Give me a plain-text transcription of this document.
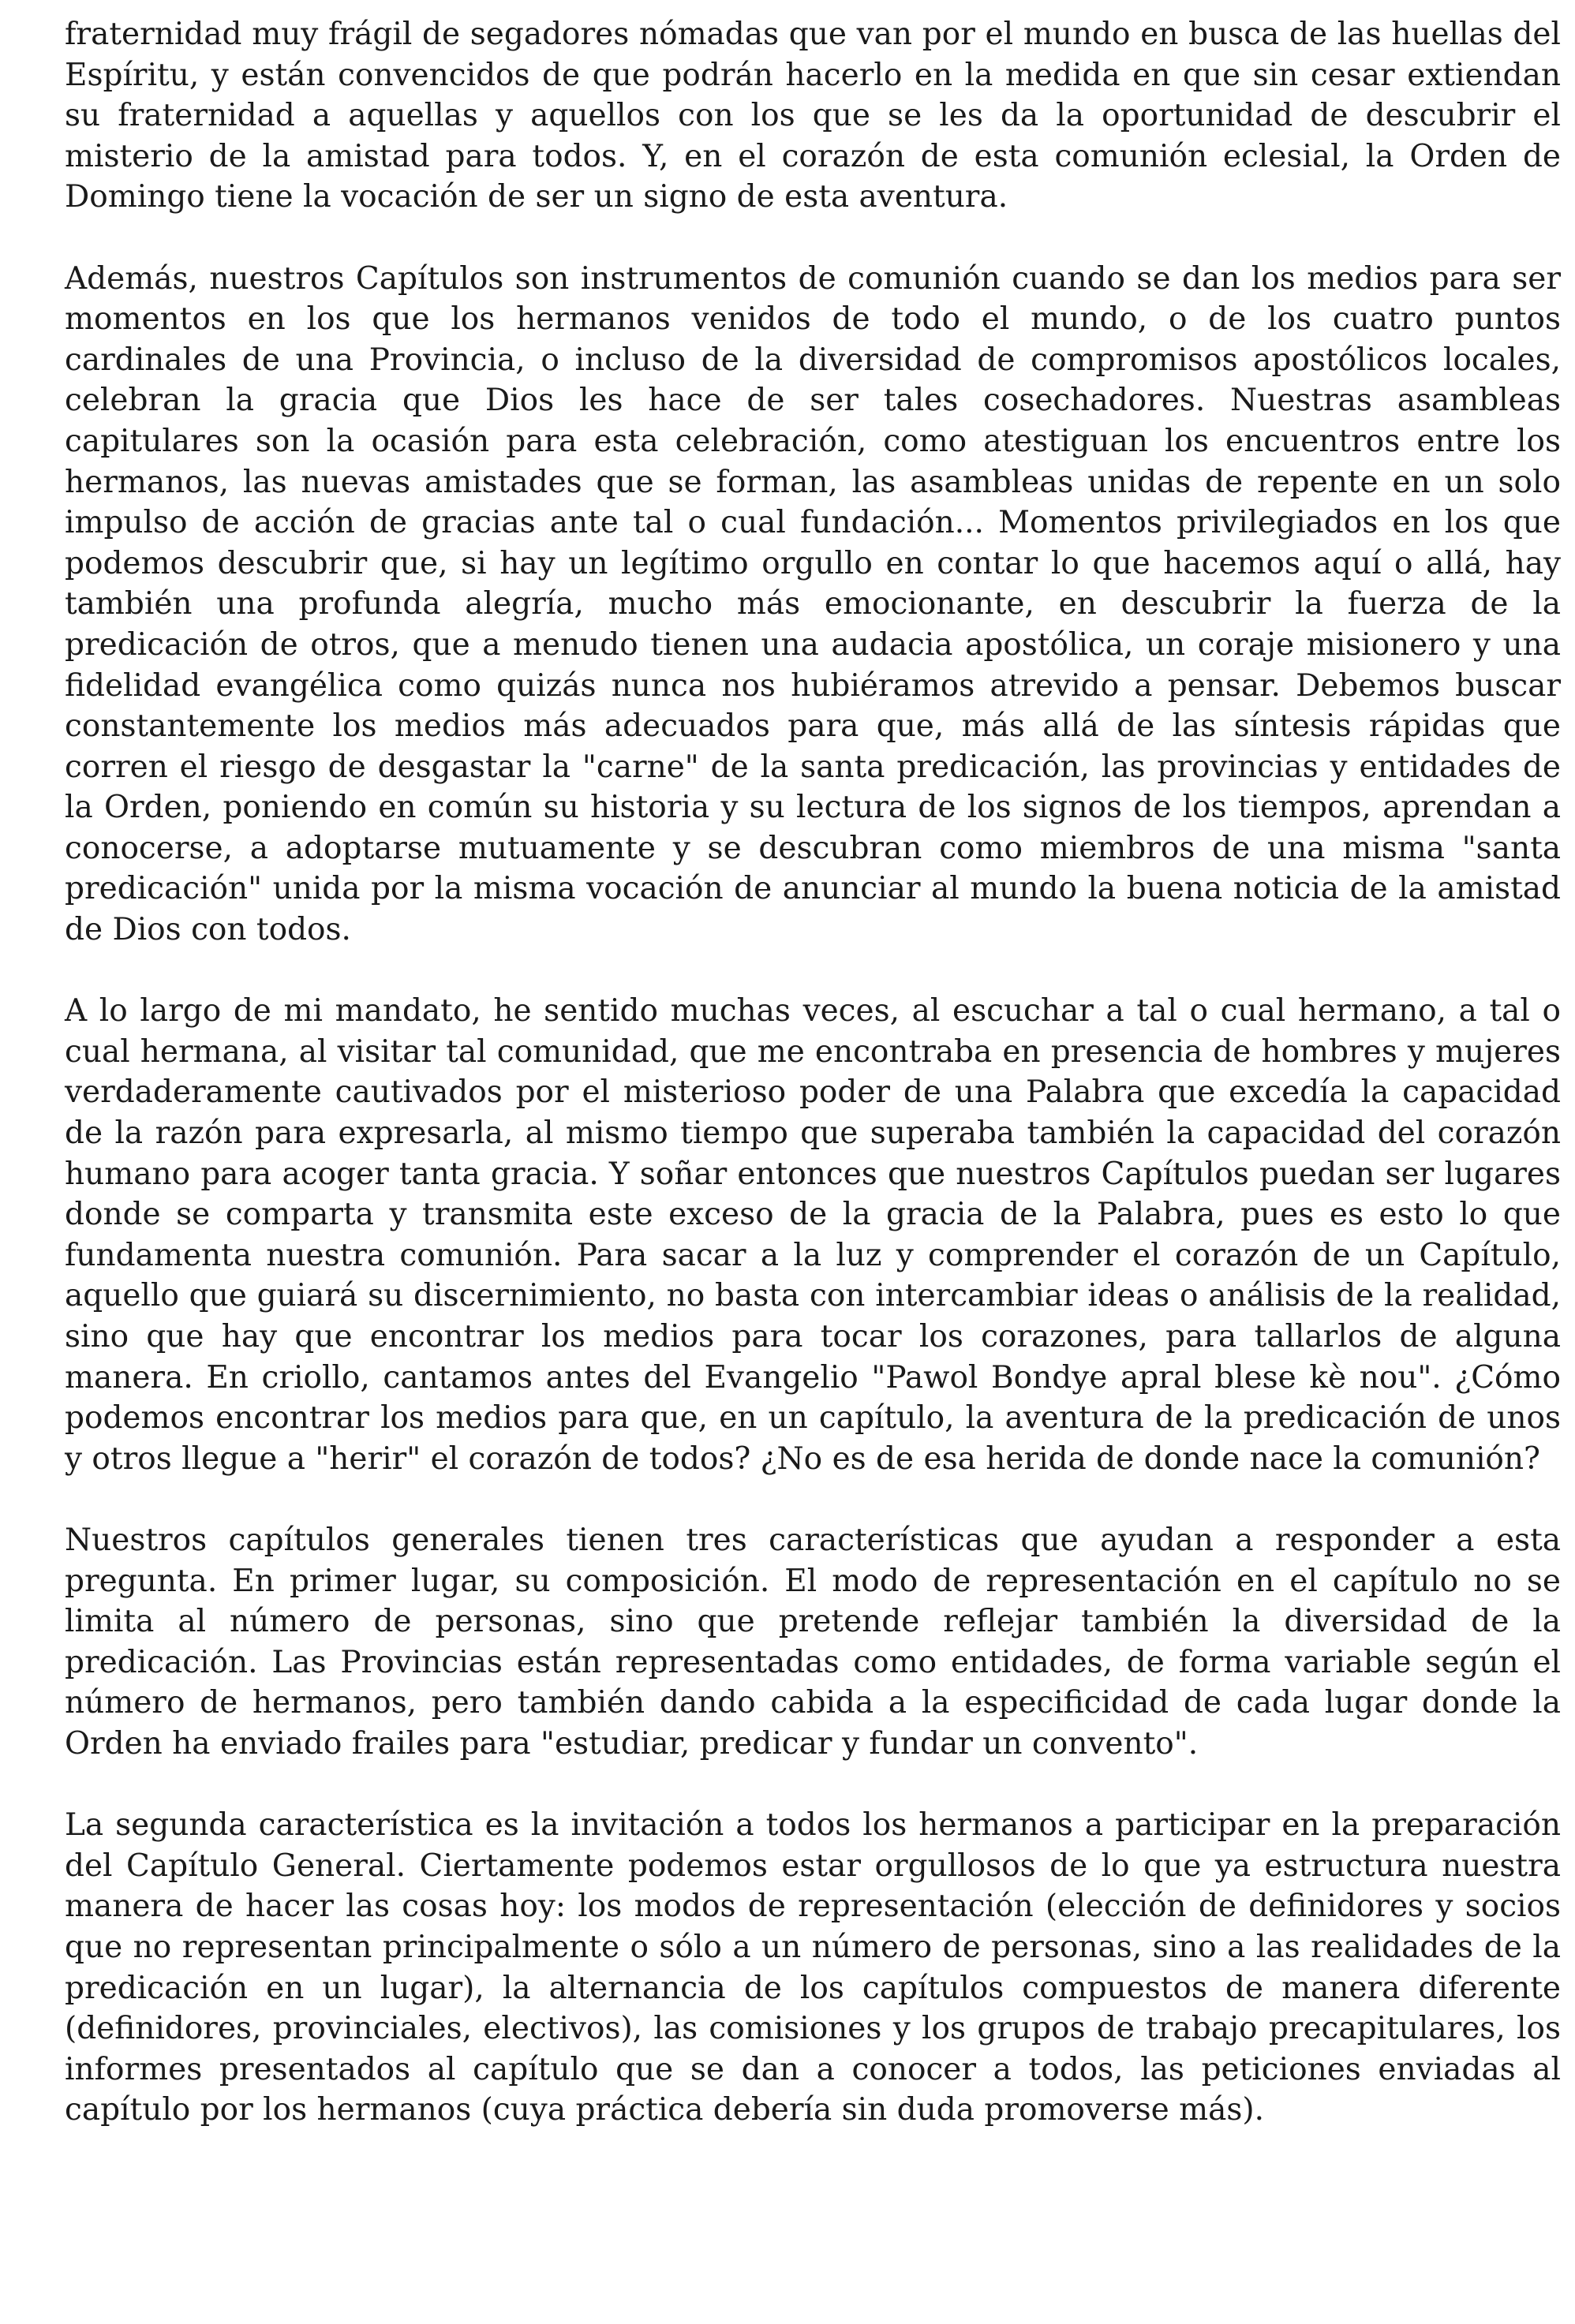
fraternidad muy frágil de segadores nómadas que van por el mundo en busca de las huellas del Espíritu, y están convencidos de que podrán hacerlo en la medida en que sin cesar extiendan su fraternidad a aquellas y aquellos con los que se les da la oportunidad de descubrir el misterio de la amistad para todos. Y, en el corazón de esta comunión eclesial, la Orden de Domingo tiene la vocación de ser un signo de esta aventura.

Además, nuestros Capítulos son instrumentos de comunión cuando se dan los medios para ser momentos en los que los hermanos venidos de todo el mundo, o de los cuatro puntos cardinales de una Provincia, o incluso de la diversidad de compromisos apostólicos locales, celebran la gracia que Dios les hace de ser tales cosechadores. Nuestras asambleas capitulares son la ocasión para esta celebración, como atestiguan los encuentros entre los hermanos, las nuevas amistades que se forman, las asambleas unidas de repente en un solo impulso de acción de gracias ante tal o cual fundación... Momentos privilegiados en los que podemos descubrir que, si hay un legítimo orgullo en contar lo que hacemos aquí o allá, hay también una profunda alegría, mucho más emocionante, en descubrir la fuerza de la predicación de otros, que a menudo tienen una audacia apostólica, un coraje misionero y una fidelidad evangélica como quizás nunca nos hubiéramos atrevido a pensar. Debemos buscar constantemente los medios más adecuados para que, más allá de las síntesis rápidas que corren el riesgo de desgastar la "carne" de la santa predicación, las provincias y entidades de la Orden, poniendo en común su historia y su lectura de los signos de los tiempos, aprendan a conocerse, a adoptarse mutuamente y se descubran como miembros de una misma "santa predicación" unida por la misma vocación de anunciar al mundo la buena noticia de la amistad de Dios con todos.

A lo largo de mi mandato, he sentido muchas veces, al escuchar a tal o cual hermano, a tal o cual hermana, al visitar tal comunidad, que me encontraba en presencia de hombres y mujeres verdaderamente cautivados por el misterioso poder de una Palabra que excedía la capacidad de la razón para expresarla, al mismo tiempo que superaba también la capacidad del corazón humano para acoger tanta gracia. Y soñar entonces que nuestros Capítulos puedan ser lugares donde se comparta y transmita este exceso de la gracia de la Palabra, pues es esto lo que fundamenta nuestra comunión. Para sacar a la luz y comprender el corazón de un Capítulo, aquello que guiará su discernimiento, no basta con intercambiar ideas o análisis de la realidad, sino que hay que encontrar los medios para tocar los corazones, para tallarlos de alguna manera. En criollo, cantamos antes del Evangelio "Pawol Bondye apral blese kè nou". ¿Cómo podemos encontrar los medios para que, en un capítulo, la aventura de la predicación de unos y otros llegue a "herir" el corazón de todos? ¿No es de esa herida de donde nace la comunión?

Nuestros capítulos generales tienen tres características que ayudan a responder a esta pregunta. En primer lugar, su composición. El modo de representación en el capítulo no se limita al número de personas, sino que pretende reflejar también la diversidad de la predicación. Las Provincias están representadas como entidades, de forma variable según el número de hermanos, pero también dando cabida a la especificidad de cada lugar donde la Orden ha enviado frailes para "estudiar, predicar y fundar un convento".

La segunda característica es la invitación a todos los hermanos a participar en la preparación del Capítulo General. Ciertamente podemos estar orgullosos de lo que ya estructura nuestra manera de hacer las cosas hoy: los modos de representación (elección de definidores y socios que no representan principalmente o sólo a un número de personas, sino a las realidades de la predicación en un lugar), la alternancia de los capítulos compuestos de manera diferente (definidores, provinciales, electivos), las comisiones y los grupos de trabajo precapitulares, los informes presentados al capítulo que se dan a conocer a todos, las peticiones enviadas al capítulo por los hermanos (cuya práctica debería sin duda promoverse más).
